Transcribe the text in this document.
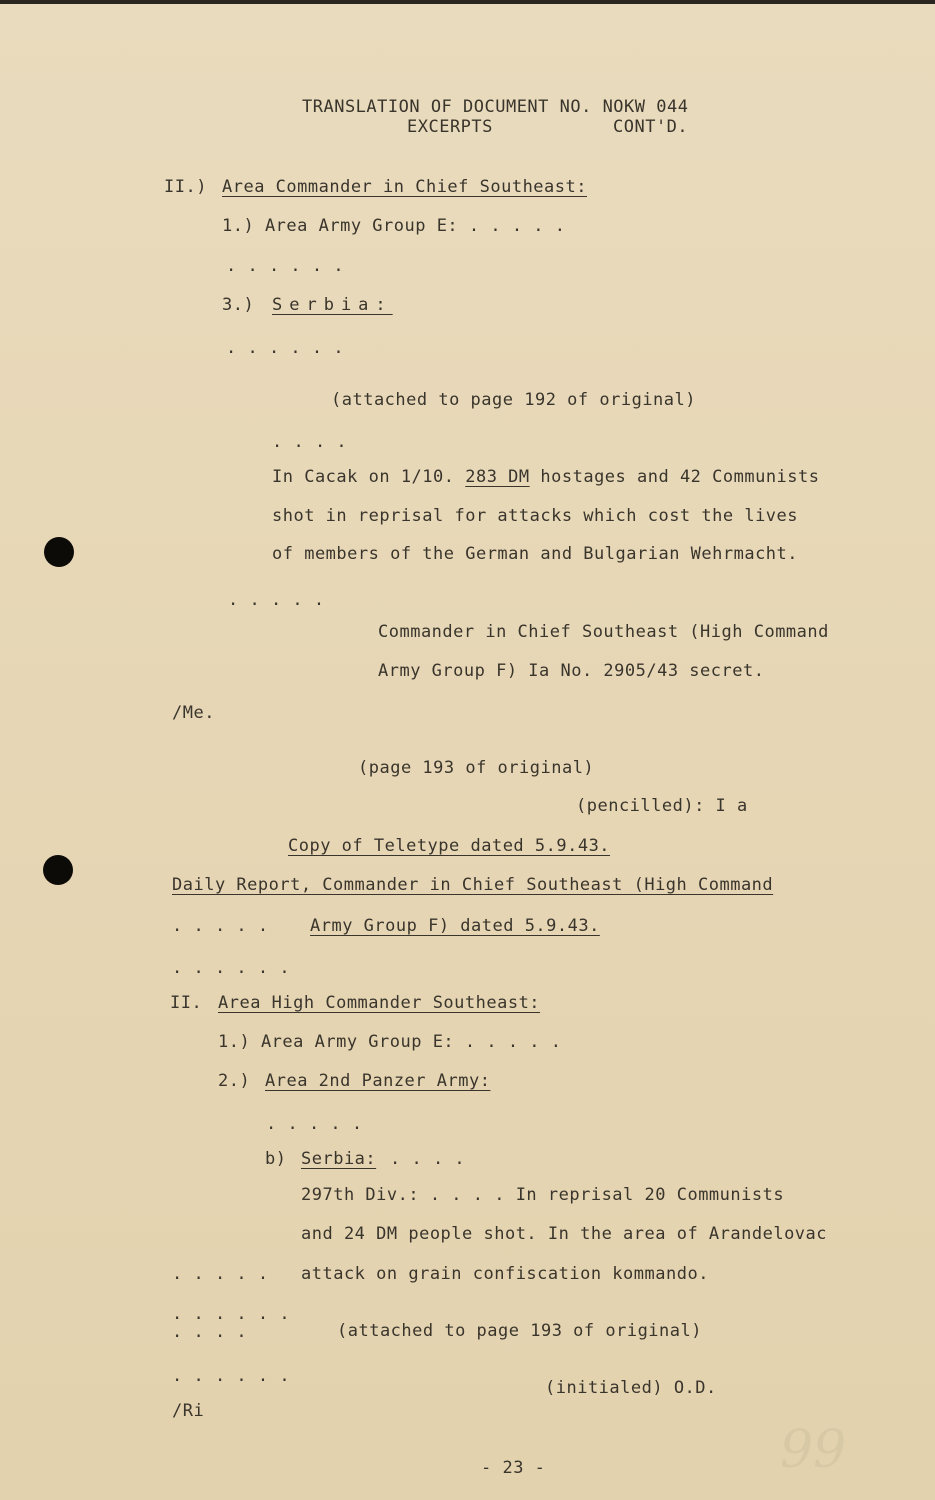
TRANSLATION OF DOCUMENT NO. NOKW 044
EXCERPTS	CONT'D.
II.) Area Commander in Chief Southeast:
1.) Area Army Group E: . . . . .
. . . . . .
3.) Serbia:
. . . . . .
(attached to page 192 of original)
. . . .
In Cacak on 1/10. 283 DM hostages and 42 Communists
shot in reprisal for attacks which cost the lives
of members of the German and Bulgarian Wehrmacht.
. . . . .
Commander in Chief Southeast (High Command
Army Group F) Ia No. 2905/43 secret.
/Me.
(page 193 of original)
(pencilled): I a
Copy of Teletype dated 5.9.43.
Daily Report, Commander in Chief Southeast (High Command
. . . . . Army Group F) dated 5.9.43.
. . . . . .
II. Area High Commander Southeast:
1.) Area Army Group E: . . . . .
2.) Area 2nd Panzer Army:
. . . . .
b) Serbia: . . . .
297th Div.: . . . . In reprisal 20 Communists
and 24 DM people shot. In the area of Arandelovac
. . . . . attack on grain confiscation kommando.
. . . . . .
. . . .	(attached to page 193 of original)
. . . . . .
(initialed) O.D.
/Ri
- 23 -	99
